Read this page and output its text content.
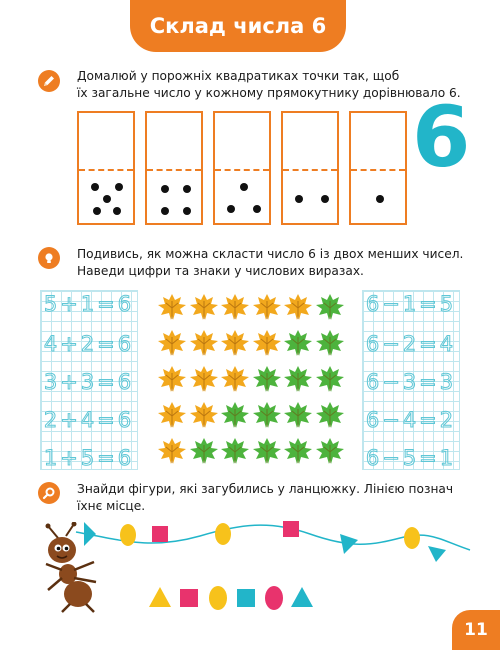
Склад числа 6
Домалюй у порожніх квадратиках точки так, щоб
їх загальне число у кожному прямокутнику дорівнювало 6.
6
Подивись, як можна скласти число 6 із двох менших чисел.
Наведи цифри та знаки у числових виразах.
5+1=6
4+2=6
3+3=6
2+4=6
1+5=6
6−1=5
6−2=4
6−3=3
6−4=2
6−5=1
Знайди фігури, які загубились у ланцюжку. Лінією познач
їхнє місце.
11
